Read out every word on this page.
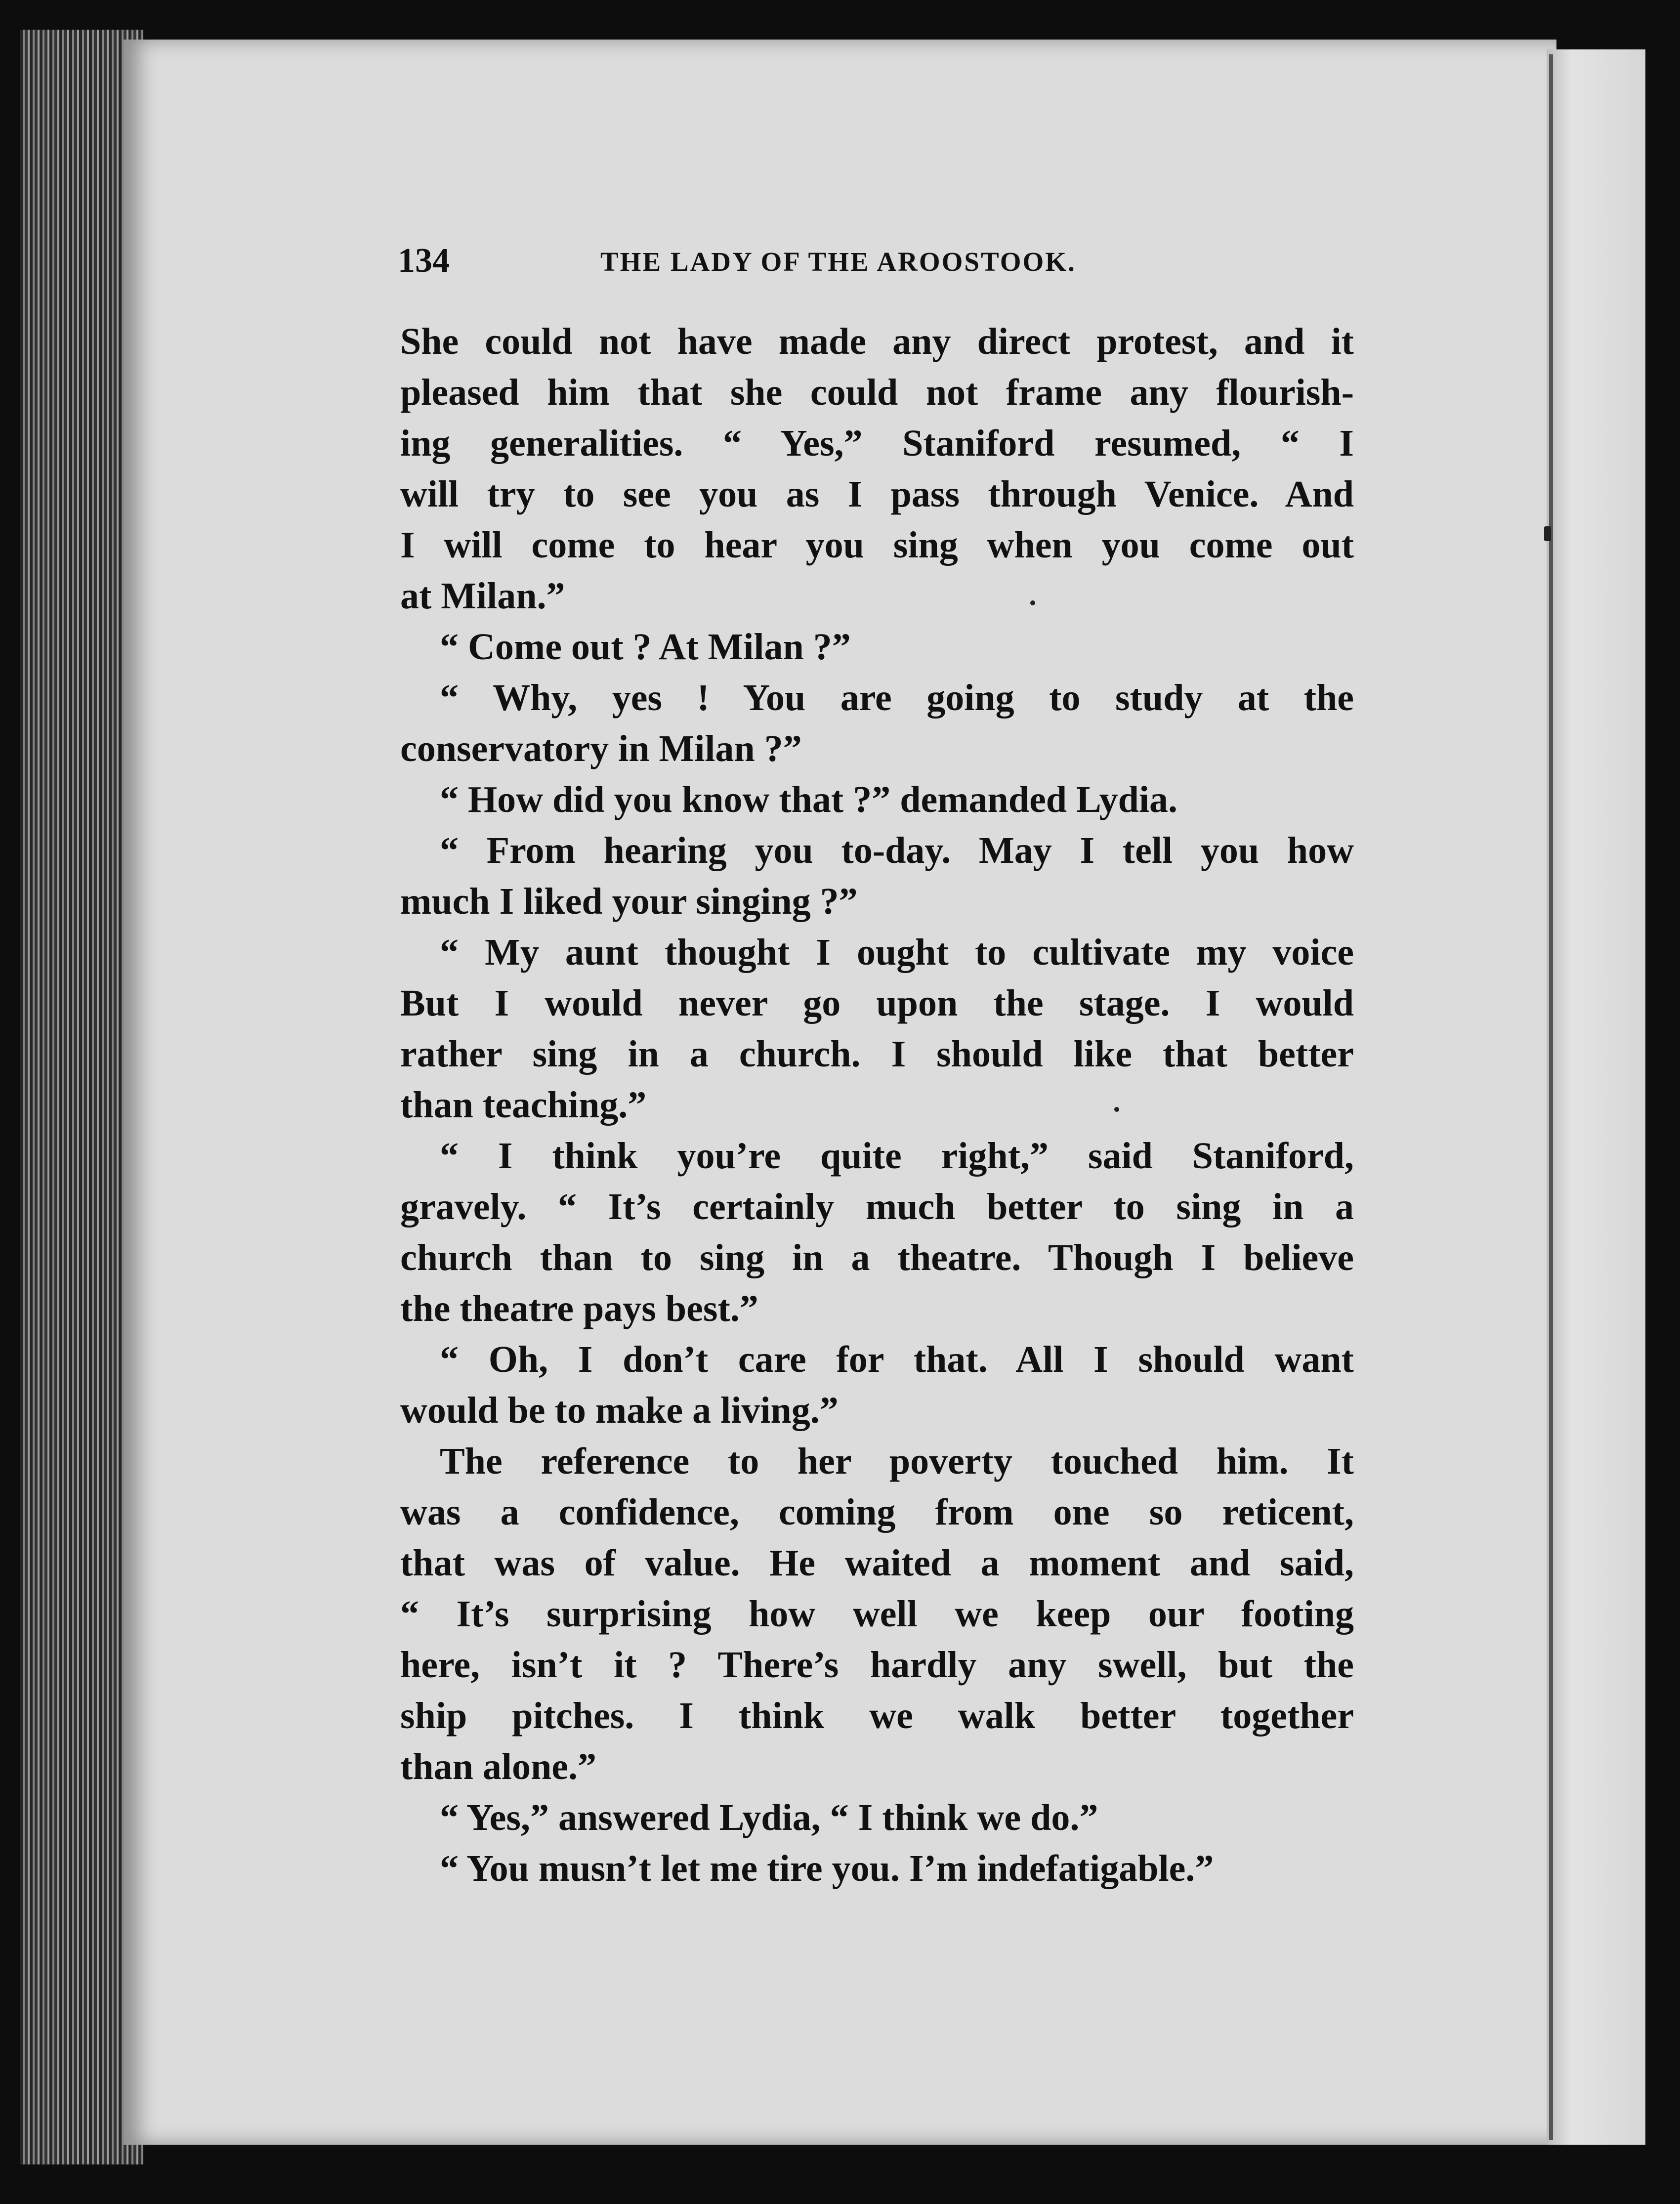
134	THE LADY OF THE AROOSTOOK.
She could not have made any direct protest, and it
pleased him that she could not frame any flourish-
ing generalities. “ Yes,” Staniford resumed, “ I
will try to see you as I pass through Venice. And
I will come to hear you sing when you come out
at Milan.”
“ Come out ? At Milan ?”
“ Why, yes ! You are going to study at the
conservatory in Milan ?”
“ How did you know that ?” demanded Lydia.
“ From hearing you to-day. May I tell you how
much I liked your singing ?”
“ My aunt thought I ought to cultivate my voice
But I would never go upon the stage. I would
rather sing in a church. I should like that better
than teaching.”
“ I think you’re quite right,” said Staniford,
gravely. “ It’s certainly much better to sing in a
church than to sing in a theatre. Though I believe
the theatre pays best.”
“ Oh, I don’t care for that. All I should want
would be to make a living.”
The reference to her poverty touched him. It
was a confidence, coming from one so reticent,
that was of value. He waited a moment and said,
“ It’s surprising how well we keep our footing
here, isn’t it ? There’s hardly any swell, but the
ship pitches. I think we walk better together
than alone.”
“ Yes,” answered Lydia, “ I think we do.”
“ You musn’t let me tire you. I’m indefatigable.”
